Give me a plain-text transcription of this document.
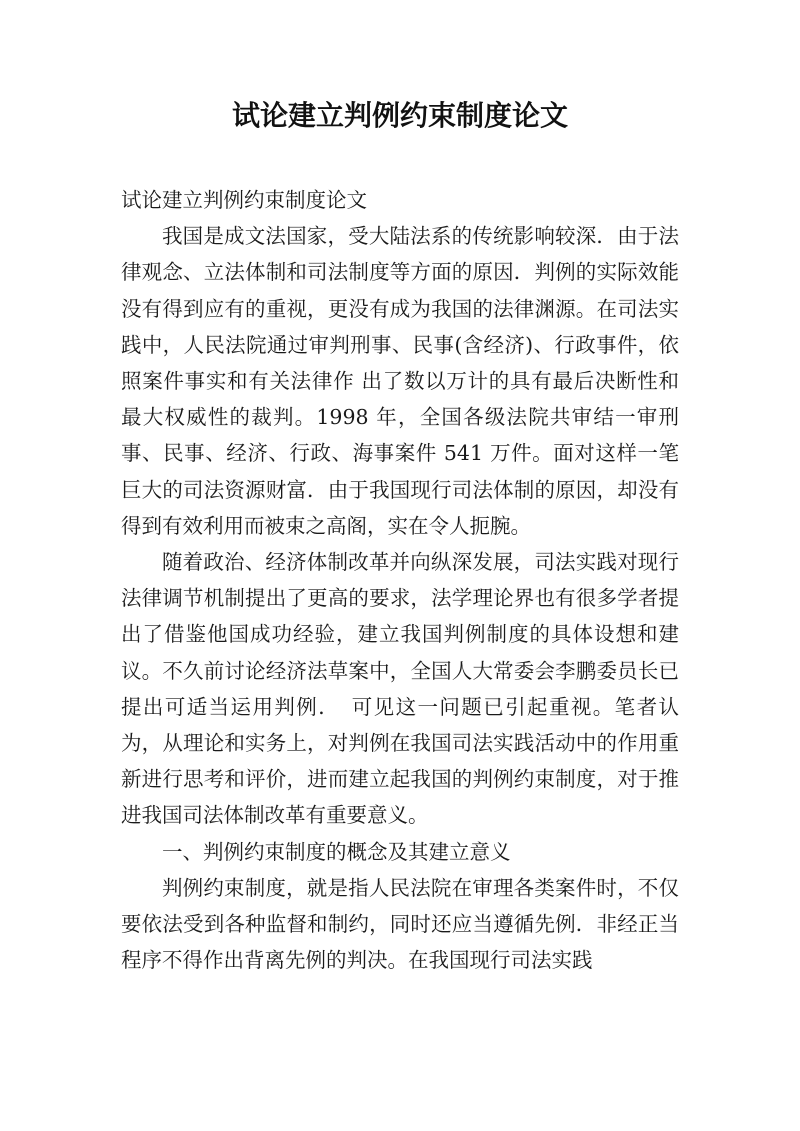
试论建立判例约束制度论文

试论建立判例约束制度论文

我国是成文法国家，受大陆法系的传统影响较深．由于法律观念、立法体制和司法制度等方面的原因．判例的实际效能没有得到应有的重视，更没有成为我国的法律渊源。在司法实践中，人民法院通过审判刑事、民事(含经济)、行政事件，依照案件事实和有关法律作 出了数以万计的具有最后决断性和最大权威性的裁判。1998 年，全国各级法院共审结一审刑事、民事、经济、行政、海事案件 541 万件。面对这样一笔巨大的司法资源财富．由于我国现行司法体制的原因，却没有得到有效利用而被束之高阁，实在令人扼腕。

随着政治、经济体制改革并向纵深发展，司法实践对现行法律调节机制提出了更高的要求，法学理论界也有很多学者提出了借鉴他国成功经验，建立我国判例制度的具体设想和建议。不久前讨论经济法草案中，全国人大常委会李鹏委员长已提出可适当运用判例．　可见这一问题已引起重视。笔者认为，从理论和实务上，对判例在我国司法实践活动中的作用重新进行思考和评价，进而建立起我国的判例约束制度，对于推进我国司法体制改革有重要意义。

一、判例约束制度的概念及其建立意义

判例约束制度，就是指人民法院在审理各类案件时，不仅要依法受到各种监督和制约，同时还应当遵循先例．非经正当程序不得作出背离先例的判决。在我国现行司法实践
